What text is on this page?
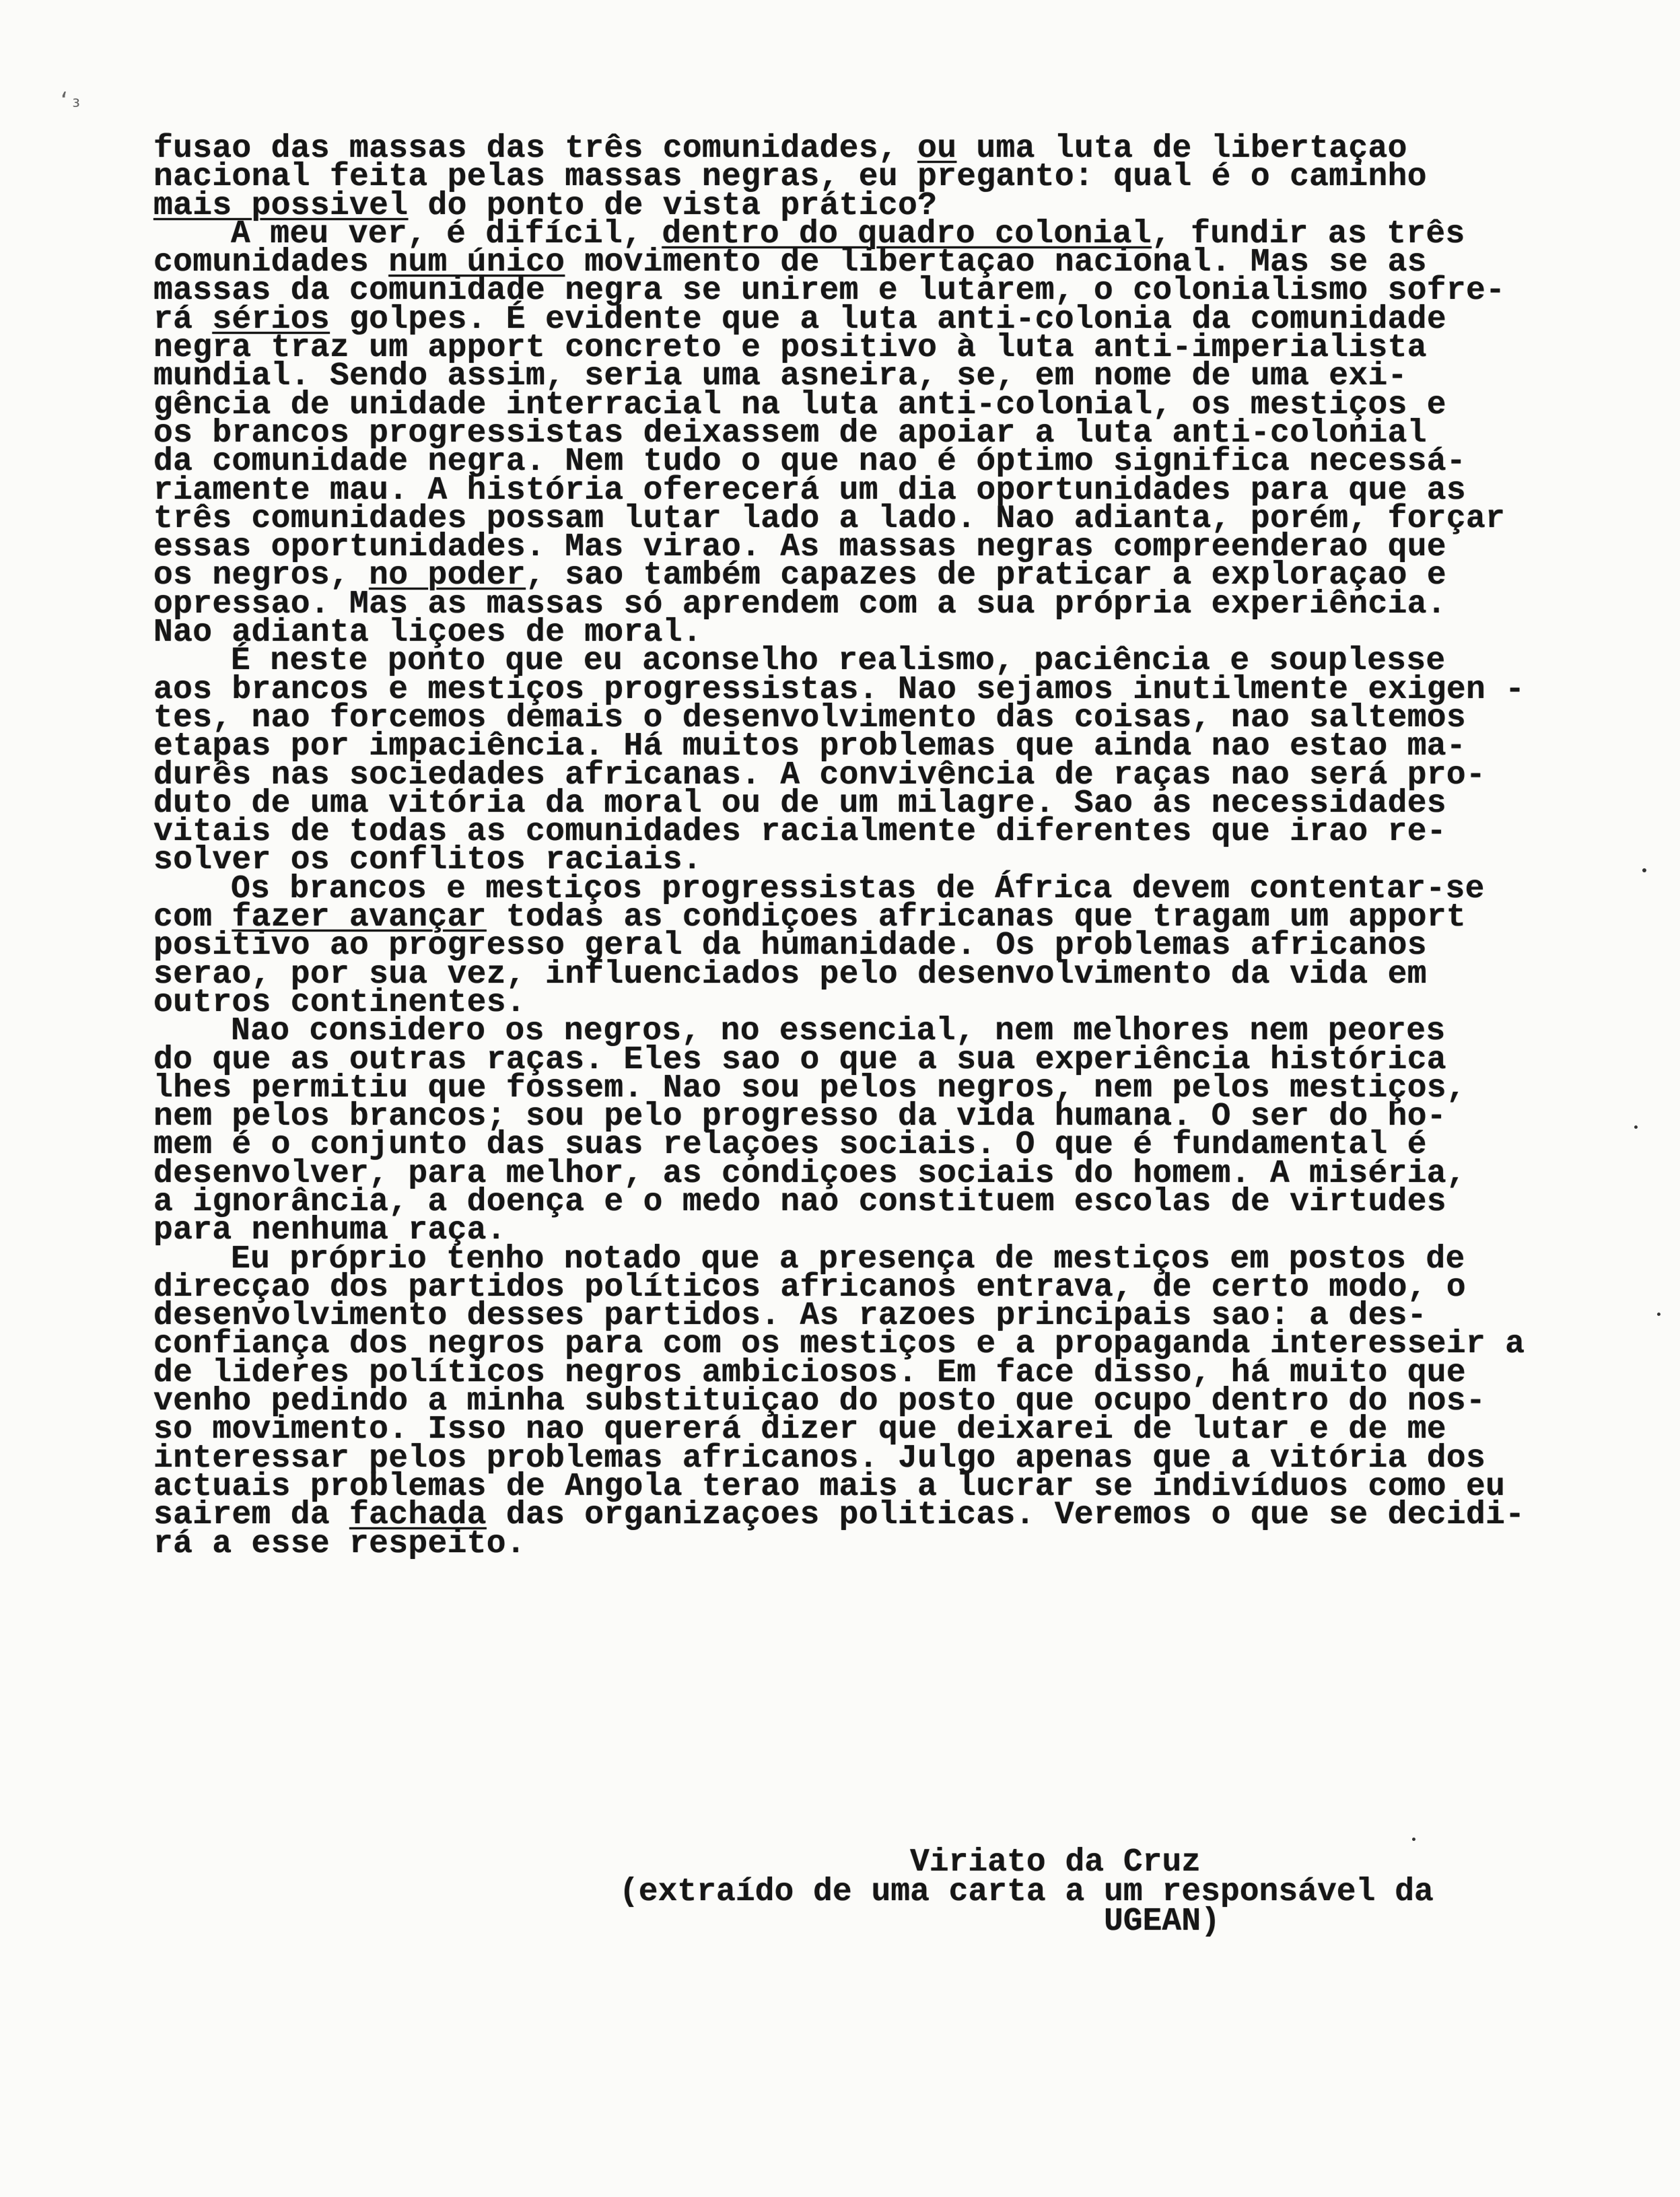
‘₃
fusao das massas das três comunidades, ou uma luta de libertaçao
nacional feita pelas massas negras, eu preganto: qual é o caminho
mais possivel do ponto de vista prático?
A meu ver, é difícil, dentro do quadro colonial, fundir as três
comunidades num único movimento de libertaçao nacional. Mas se as
massas da comunidade negra se unirem e lutarem, o colonialismo sofre-
rá sérios golpes. É evidente que a luta anti-colonia da comunidade
negra traz um apport concreto e positivo à luta anti-imperialista
mundial. Sendo assim, seria uma asneira, se, em nome de uma exi-
gência de unidade interracial na luta anti-colonial, os mestiços e
os brancos progressistas deixassem de apoiar a luta anti-colonial
da comunidade negra. Nem tudo o que nao é óptimo significa necessá-
riamente mau. A história oferecerá um dia oportunidades para que as
três comunidades possam lutar lado a lado. Nao adianta, porém, forçar
essas oportunidades. Mas virao. As massas negras compreenderao que
os negros, no poder, sao também capazes de praticar a exploraçao e
opressao. Mas as massas só aprendem com a sua própria experiência.
Nao adianta liçoes de moral.
É neste ponto que eu aconselho realismo, paciência e souplesse
aos brancos e mestiços progressistas. Nao sejamos inutilmente exigen -
tes, nao forcemos demais o desenvolvimento das coisas, nao saltemos
etapas por impaciência. Há muitos problemas que ainda nao estao ma-
durês nas sociedades africanas. A convivência de raças nao será pro-
duto de uma vitória da moral ou de um milagre. Sao as necessidades
vitais de todas as comunidades racialmente diferentes que irao re-
solver os conflitos raciais.
Os brancos e mestiços progressistas de África devem contentar-se
com fazer avançar todas as condiçoes africanas que tragam um apport
positivo ao progresso geral da humanidade. Os problemas africanos
serao, por sua vez, influenciados pelo desenvolvimento da vida em
outros continentes.
Nao considero os negros, no essencial, nem melhores nem peores
do que as outras raças. Eles sao o que a sua experiência histórica
lhes permitiu que fossem. Nao sou pelos negros, nem pelos mestiços,
nem pelos brancos; sou pelo progresso da vida humana. O ser do ho-
mem é o conjunto das suas relaçoes sociais. O que é fundamental é
desenvolver, para melhor, as condiçoes sociais do homem. A miséria,
a ignorância, a doença e o medo nao constituem escolas de virtudes
para nenhuma raça.
Eu próprio tenho notado que a presença de mestiços em postos de
direcçao dos partidos políticos africanos entrava, de certo modo, o
desenvolvimento desses partidos. As razoes principais sao: a des-
confiança dos negros para com os mestiços e a propaganda interesseir a
de lideres políticos negros ambiciosos. Em face disso, há muito que
venho pedindo a minha substituiçao do posto que ocupo dentro do nos-
so movimento. Isso nao quererá dizer que deixarei de lutar e de me
interessar pelos problemas africanos. Julgo apenas que a vitória dos
actuais problemas de Angola terao mais a lucrar se indivíduos como eu
sairem da fachada das organizaçoes politicas. Veremos o que se decidi-
rá a esse respeito.
Viriato da Cruz
(extraído de uma carta a um responsável da
UGEAN)
